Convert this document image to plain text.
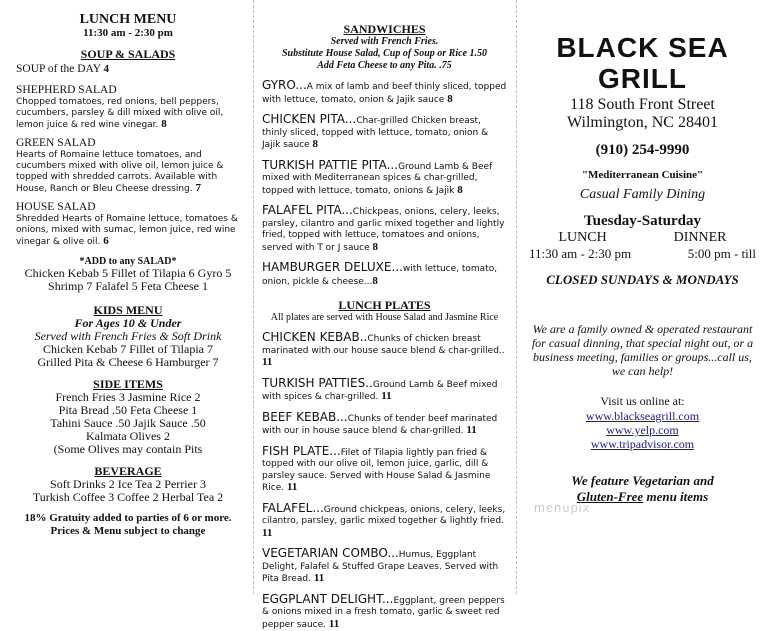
LUNCH MENU
11:30 am - 2:30 pm
SOUP & SALADS
SOUP of the DAY 4
SHEPHERD SALAD
Chopped tomatoes, red onions, bell peppers, cucumbers, parsley & dill mixed with olive oil, lemon juice & red wine vinegar. 8
GREEN SALAD
Hearts of Romaine lettuce tomatoes, and cucumbers mixed with olive oil, lemon juice & topped with shredded carrots. Available with House, Ranch or Bleu Cheese dressing. 7
HOUSE SALAD
Shredded Hearts of Romaine lettuce, tomatoes & onions, mixed with sumac, lemon juice, red wine vinegar & olive oil. 6
*ADD to any SALAD*
Chicken Kebab 5 Fillet of Tilapia 6 Gyro 5
Shrimp 7 Falafel 5 Feta Cheese 1
KIDS MENU
For Ages 10 & Under
Served with French Fries & Soft Drink
Chicken Kebab 7 Fillet of Tilapia 7
Grilled Pita & Cheese 6 Hamburger 7
SIDE ITEMS
French Fries 3 Jasmine Rice 2
Pita Bread .50 Feta Cheese 1
Tahini Sauce .50 Jajik Sauce .50
Kalmata Olives 2
(Some Olives may contain Pits
BEVERAGE
Soft Drinks 2 Ice Tea 2 Perrier 3
Turkish Coffee 3 Coffee 2 Herbal Tea 2
18% Gratuity added to parties of 6 or more.
Prices & Menu subject to change
SANDWICHES
Served with French Fries.
Substitute House Salad, Cup of Soup or Rice 1.50
Add Feta Cheese to any Pita. .75
GYRO...A mix of lamb and beef thinly sliced, topped with lettuce, tomato, onion & Jajik sauce 8
CHICKEN PITA...Char-grilled Chicken breast, thinly sliced, topped with lettuce, tomato, onion & Jajik sauce 8
TURKISH PATTIE PITA...Ground Lamb & Beef mixed with Mediterranean spices & char-grilled, topped with lettuce, tomato, onions & Jajik 8
FALAFEL PITA...Chickpeas, onions, celery, leeks, parsley, cilantro and garlic mixed together and lightly fried, topped with lettuce, tomatoes and onions, served with T or J sauce 8
HAMBURGER DELUXE...with lettuce, tomato, onion, pickle & cheese...8
LUNCH PLATES
All plates are served with House Salad and Jasmine Rice
CHICKEN KEBAB..Chunks of chicken breast marinated with our house sauce blend & char-grilled.. 11
TURKISH PATTIES..Ground Lamb & Beef mixed with spices & char-grilled. 11
BEEF KEBAB...Chunks of tender beef marinated with our in house sauce blend & char-grilled. 11
FISH PLATE...Filet of Tilapia lightly pan fried & topped with our olive oil, lemon juice, garlic, dill & parsley sauce. Served with House Salad & Jasmine Rice. 11
FALAFEL...Ground chickpeas, onions, celery, leeks, cilantro, parsley, garlic mixed together & lightly fried. 11
VEGETARIAN COMBO...Humus, Eggplant Delight, Falafel & Stuffed Grape Leaves. Served with Pita Bread. 11
EGGPLANT DELIGHT...Eggplant, green peppers & onions mixed in a fresh tomato, garlic & sweet red pepper sauce. 11
BLACK SEA
GRILL
118 South Front Street
Wilmington, NC 28401
(910) 254-9990
"Mediterranean Cuisine"
Casual Family Dining
Tuesday-Saturday
LUNCH	DINNER
11:30 am - 2:30 pm	5:00 pm - till
CLOSED SUNDAYS & MONDAYS
We are a family owned & operated restaurant for casual dinning, that special night out, or a business meeting, families or groups...call us, we can help!
Visit us online at:
www.blackseagrill.com
www.yelp.com
www.tripadvisor.com
We feature Vegetarian and
Gluten-Free menu items
menupix
